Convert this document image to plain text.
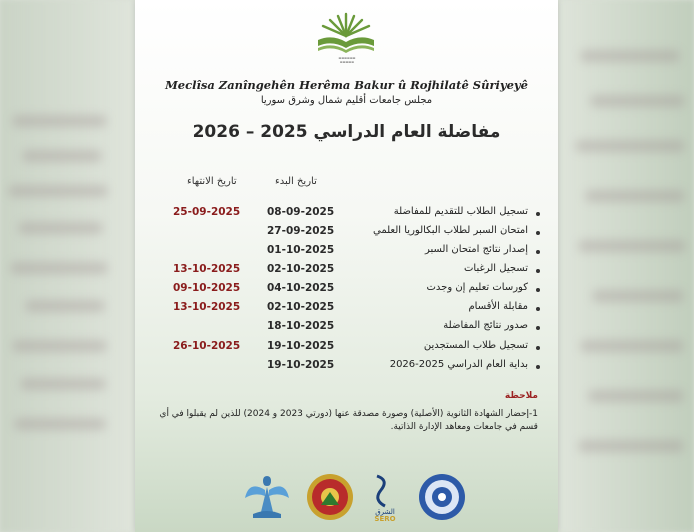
▬▬▬▬▬▬
▬▬▬▬▬
Meclîsa Zanîngehên Herêma Bakur û Rojhilatê Sûriyeyê
مجلس جامعات أقليم شمال وشرق سوريا
مفاضلة العام الدراسي 2025 – 2026
تاريخ البدء
تاريخ الانتهاء
تسجيل الطلاب للتقديم للمفاضلة
08-09-2025
25-09-2025
امتحان السبر لطلاب البكالوريا العلمي
27-09-2025
إصدار نتائج امتحان السبر
01-10-2025
تسجيل الرغبات
02-10-2025
13-10-2025
كورسات تعليم إن وجدت
04-10-2025
09-10-2025
مقابلة الأقسام
02-10-2025
13-10-2025
صدور نتائج المفاضلة
18-10-2025
تسجيل طلاب المستجدين
19-10-2025
26-10-2025
بداية العام الدراسي 2025-2026
19-10-2025
ملاحظة
1-إحضار الشهادة الثانوية (الأصلية) وصورة مصدقة عنها (دورتي 2023 و 2024) للذين لم يقبلوا في أي قسم في جامعات ومعاهد الإدارة الذاتية.
الشرق
SERO
